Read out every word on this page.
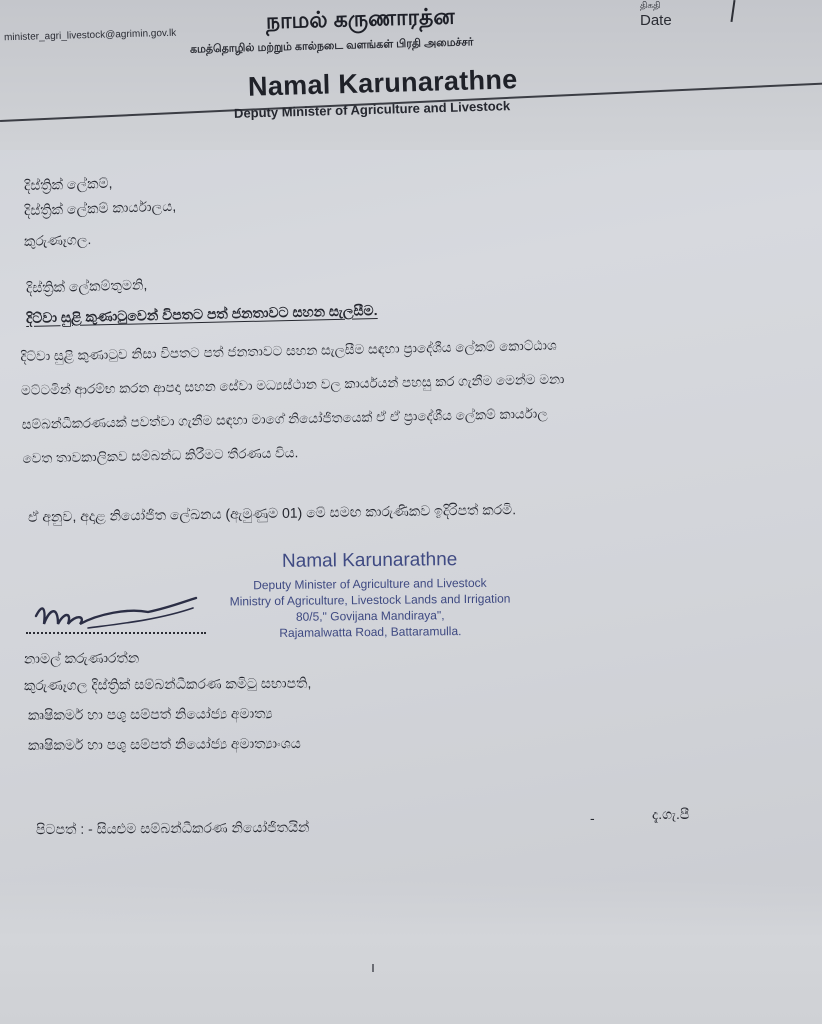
minister_agri_livestock@agrimin.gov.lk
நாமல் கருணாரத்ன
கமத்தொழில் மற்றும் கால்நடை வளங்கள் பிரதி அமைச்சர்
Namal Karunarathne
Deputy Minister of Agriculture and Livestock
திகதி
Date
දිස්ත්‍රික් ලේකම්,
දිස්ත්‍රික් ලේකම් කාර්යාලය,
කුරුණෑගල.
දිස්ත්‍රික් ලේකම්තුමනි,
දිට්වා සුළි කුණාටුවෙන් විපතට පත් ජනතාවට සහන සැලසීම.
දිට්වා සුළි කුණාටුව නිසා විපතට පත් ජනතාවට සහන සැලසීම සඳහා ප්‍රාදේශීය ලේකම් කොට්ඨාශ
මට්ටමින් ආරම්භ කරන ආපදා සහන සේවා මධ්‍යස්ථාන වල කාර්යයන් පහසු කර ගැනීම මෙන්ම මනා
සම්බන්ධීකරණයක් පවත්වා ගැනීම සඳහා මාගේ නියෝජිතයෙක් ඒ ඒ ප්‍රාදේශීය ලේකම් කාර්යාල
වෙත තාවකාලිකව සම්බන්ධ කිරීමට තීරණය විය.
ඒ අනුව, අදාළ නියෝජිත ලේඛනය (ඇමුණුම 01) මේ සමඟ කාරුණිකව ඉදිරිපත් කරමි.
Namal Karunarathne
Deputy Minister of Agriculture and Livestock
Ministry of Agriculture, Livestock Lands and Irrigation
80/5," Govijana Mandiraya",
Rajamalwatta Road, Battaramulla.
නාමල් කරුණාරත්න
කුරුණෑගල දිස්ත්‍රික් සම්බන්ධීකරණ කමිටු සභාපති,
කෘෂිකර්ම හා පශු සම්පත් නියෝජ්‍ය අමාත්‍ය
කෘෂිකර්ම හා පශු සම්පත් නියෝජ්‍ය අමාත්‍යාංශය
පිටපත් : - සියළුම සම්බන්ධීකරණ නියෝජිතයින්
-	දැ.ගැ.පී
